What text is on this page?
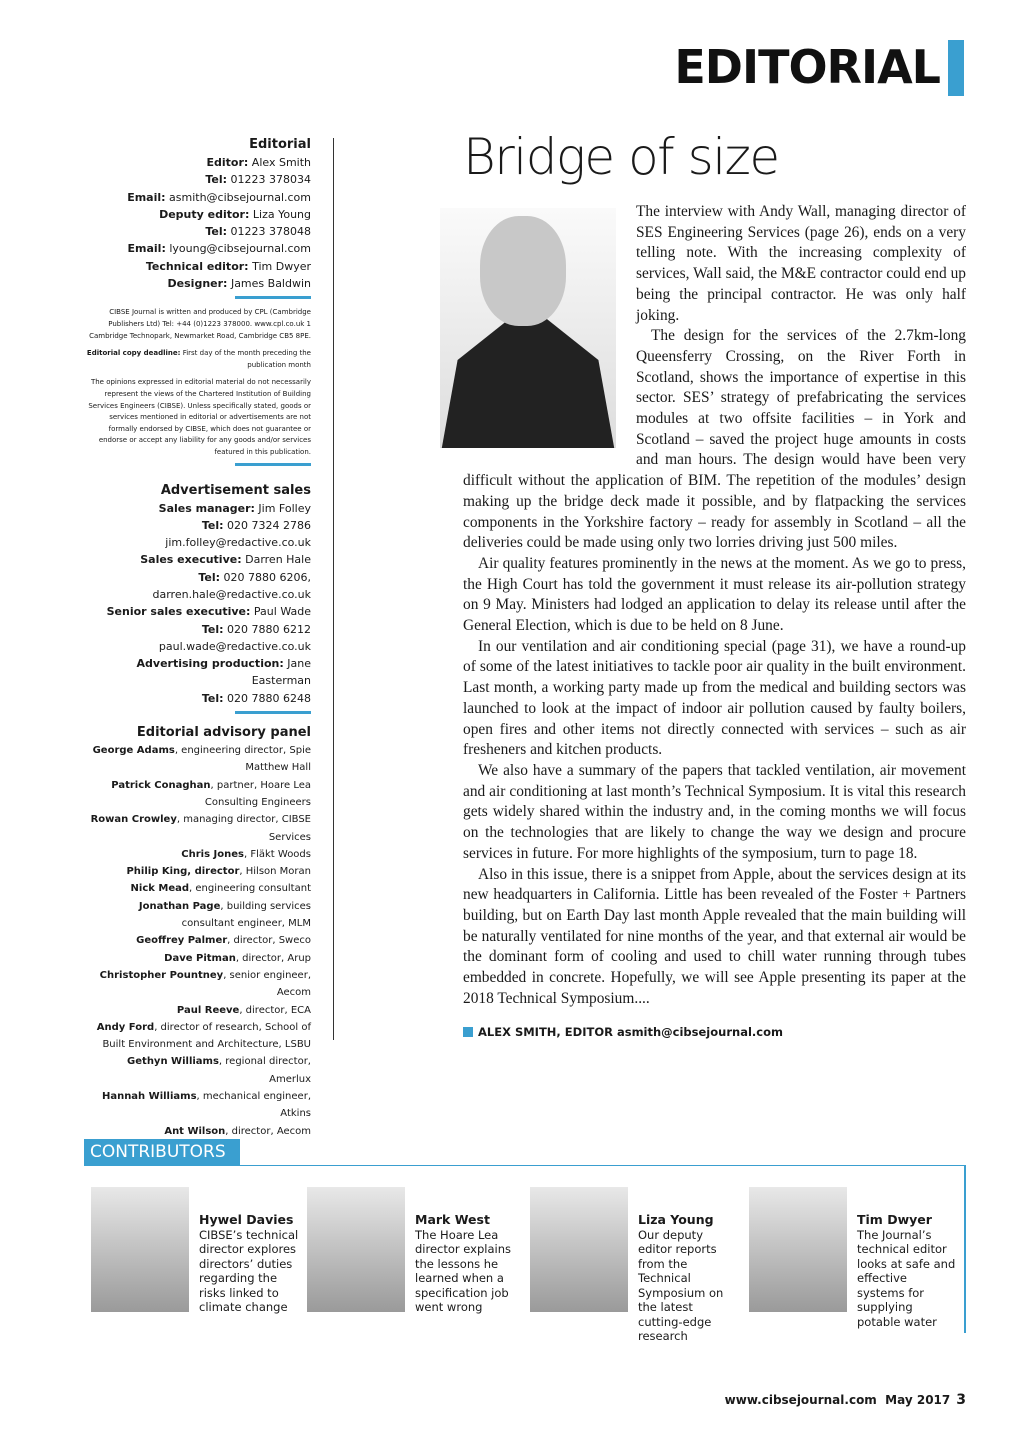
EDITORIAL
Editorial
Editor: Alex Smith
Tel: 01223 378034
Email: asmith@cibsejournal.com
Deputy editor: Liza Young
Tel: 01223 378048
Email: lyoung@cibsejournal.com
Technical editor: Tim Dwyer
Designer: James Baldwin
CIBSE Journal is written and produced by CPL (Cambridge Publishers Ltd) Tel: +44 (0)1223 378000. www.cpl.co.uk 1 Cambridge Technopark, Newmarket Road, Cambridge CB5 8PE.
Editorial copy deadline: First day of the month preceding the publication month
The opinions expressed in editorial material do not necessarily represent the views of the Chartered Institution of Building Services Engineers (CIBSE). Unless specifically stated, goods or services mentioned in editorial or advertisements are not formally endorsed by CIBSE, which does not guarantee or endorse or accept any liability for any goods and/or services featured in this publication.
Advertisement sales
Sales manager: Jim Folley
Tel: 020 7324 2786
jim.folley@redactive.co.uk
Sales executive: Darren Hale
Tel: 020 7880 6206,
darren.hale@redactive.co.uk
Senior sales executive: Paul Wade
Tel: 020 7880 6212
paul.wade@redactive.co.uk
Advertising production: Jane Easterman
Tel: 020 7880 6248
Editorial advisory panel
George Adams, engineering director, Spie Matthew Hall
Patrick Conaghan, partner, Hoare Lea Consulting Engineers
Rowan Crowley, managing director, CIBSE Services
Chris Jones, Fläkt Woods
Philip King, director, Hilson Moran
Nick Mead, engineering consultant
Jonathan Page, building services consultant engineer, MLM
Geoffrey Palmer, director, Sweco
Dave Pitman, director, Arup
Christopher Pountney, senior engineer, Aecom
Paul Reeve, director, ECA
Andy Ford, director of research, School of Built Environment and Architecture, LSBU
Gethyn Williams, regional director, Amerlux
Hannah Williams, mechanical engineer, Atkins
Ant Wilson, director, Aecom
Bridge of size

The interview with Andy Wall, managing director of SES Engineering Services (page 26), ends on a very telling note. With the increasing complexity of services, Wall said, the M&E contractor could end up being the principal contractor. He was only half joking.

The design for the services of the 2.7km-long Queensferry Crossing, on the River Forth in Scotland, shows the importance of expertise in this sector. SES’ strategy of prefabricating the services modules at two offsite facilities – in York and Scotland – saved the project huge amounts in costs and man hours. The design would have been very difficult without the application of BIM. The repetition of the modules’ design making up the bridge deck made it possible, and by flatpacking the services components in the Yorkshire factory – ready for assembly in Scotland – all the deliveries could be made using only two lorries driving just 500 miles.

Air quality features prominently in the news at the moment. As we go to press, the High Court has told the government it must release its air-pollution strategy on 9 May. Ministers had lodged an application to delay its release until after the General Election, which is due to be held on 8 June.

In our ventilation and air conditioning special (page 31), we have a round-up of some of the latest initiatives to tackle poor air quality in the built environment. Last month, a working party made up from the medical and building sectors was launched to look at the impact of indoor air pollution caused by faulty boilers, open fires and other items not directly connected with services – such as air fresheners and kitchen products.

We also have a summary of the papers that tackled ventilation, air movement and air conditioning at last month’s Technical Symposium. It is vital this research gets widely shared within the industry and, in the coming months we will focus on the technologies that are likely to change the way we design and procure services in future. For more highlights of the symposium, turn to page 18.

Also in this issue, there is a snippet from Apple, about the services design at its new headquarters in California. Little has been revealed of the Foster + Partners building, but on Earth Day last month Apple revealed that the main building will be naturally ventilated for nine months of the year, and that external air would be the dominant form of cooling and used to chill water running through tubes embedded in concrete. Hopefully, we will see Apple presenting its paper at the 2018 Technical Symposium....

ALEX SMITH, EDITOR asmith@cibsejournal.com
CONTRIBUTORS
Hywel Davies
CIBSE’s technical director explores directors’ duties regarding the risks linked to climate change
Mark West
The Hoare Lea director explains the lessons he learned when a specification job went wrong
Liza Young
Our deputy editor reports from the Technical Symposium on the latest cutting-edge research
Tim Dwyer
The Journal’s technical editor looks at safe and effective systems for supplying potable water
www.cibsejournal.com May 2017 3
